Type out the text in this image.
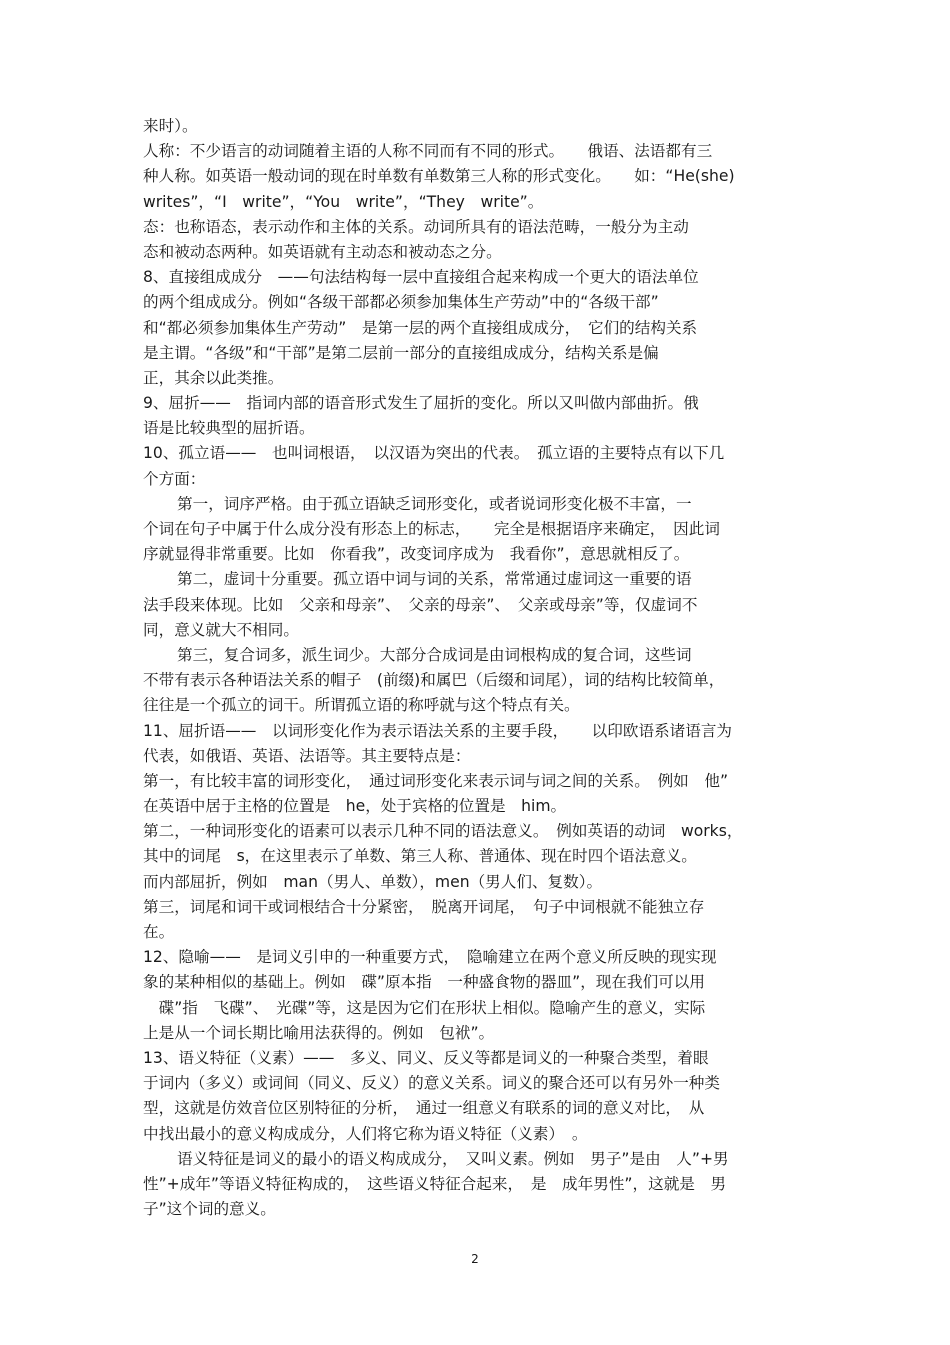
来时）。
人称：不少语言的动词随着主语的人称不同而有不同的形式。　　俄语、法语都有三
种人称。如英语一般动词的现在时单数有单数第三人称的形式变化。　　如：“He(she)
writes”，“I　write”，“You　write”，“They　write”。
态：也称语态，表示动作和主体的关系。动词所具有的语法范畴，一般分为主动
态和被动态两种。如英语就有主动态和被动态之分。
8、直接组成成分　——句法结构每一层中直接组合起来构成一个更大的语法单位
的两个组成成分。例如“各级干部都必须参加集体生产劳动”中的“各级干部”
和“都必须参加集体生产劳动”　是第一层的两个直接组成成分，　它们的结构关系
是主谓。“各级”和“干部”是第二层前一部分的直接组成成分，结构关系是偏
正，其余以此类推。
9、屈折——　指词内部的语音形式发生了屈折的变化。所以又叫做内部曲折。俄
语是比较典型的屈折语。
10、孤立语——　也叫词根语，　以汉语为突出的代表。　孤立语的主要特点有以下几
个方面：
第一，词序严格。由于孤立语缺乏词形变化，或者说词形变化极不丰富，一
个词在句子中属于什么成分没有形态上的标志，　　完全是根据语序来确定，　因此词
序就显得非常重要。比如　你看我”，改变词序成为　我看你”，意思就相反了。
第二，虚词十分重要。孤立语中词与词的关系，常常通过虚词这一重要的语
法手段来体现。比如　父亲和母亲”、　父亲的母亲”、　父亲或母亲”等，仅虚词不
同，意义就大不相同。
第三，复合词多，派生词少。大部分合成词是由词根构成的复合词，这些词
不带有表示各种语法关系的帽子　(前缀)和属巴（后缀和词尾），词的结构比较简单，
往往是一个孤立的词干。所谓孤立语的称呼就与这个特点有关。
11、屈折语——　以词形变化作为表示语法关系的主要手段，　　以印欧语系诸语言为
代表，如俄语、英语、法语等。其主要特点是：
第一，有比较丰富的词形变化，　通过词形变化来表示词与词之间的关系。　例如　他”
在英语中居于主格的位置是　he，处于宾格的位置是　him。
第二，一种词形变化的语素可以表示几种不同的语法意义。　例如英语的动词　works，
其中的词尾　s，在这里表示了单数、第三人称、普通体、现在时四个语法意义。
而内部屈折，例如　man（男人、单数），men（男人们、复数）。
第三，词尾和词干或词根结合十分紧密，　脱离开词尾，　句子中词根就不能独立存
在。
12、隐喻——　是词义引申的一种重要方式，　隐喻建立在两个意义所反映的现实现
象的某种相似的基础上。例如　碟”原本指　一种盛食物的器皿”，现在我们可以用
　碟”指　飞碟”、　光碟”等，这是因为它们在形状上相似。隐喻产生的意义，实际
上是从一个词长期比喻用法获得的。例如　包袱”。
13、语义特征（义素）——　多义、同义、反义等都是词义的一种聚合类型，着眼
于词内（多义）或词间（同义、反义）的意义关系。词义的聚合还可以有另外一种类
型，这就是仿效音位区别特征的分析，　通过一组意义有联系的词的意义对比，　从
中找出最小的意义构成成分，人们将它称为语义特征（义素）　。
语义特征是词义的最小的语义构成成分，　又叫义素。例如　男子”是由　人”+男
性”+成年”等语义特征构成的，　这些语义特征合起来，　是　成年男性”，这就是　男
子”这个词的意义。
2
